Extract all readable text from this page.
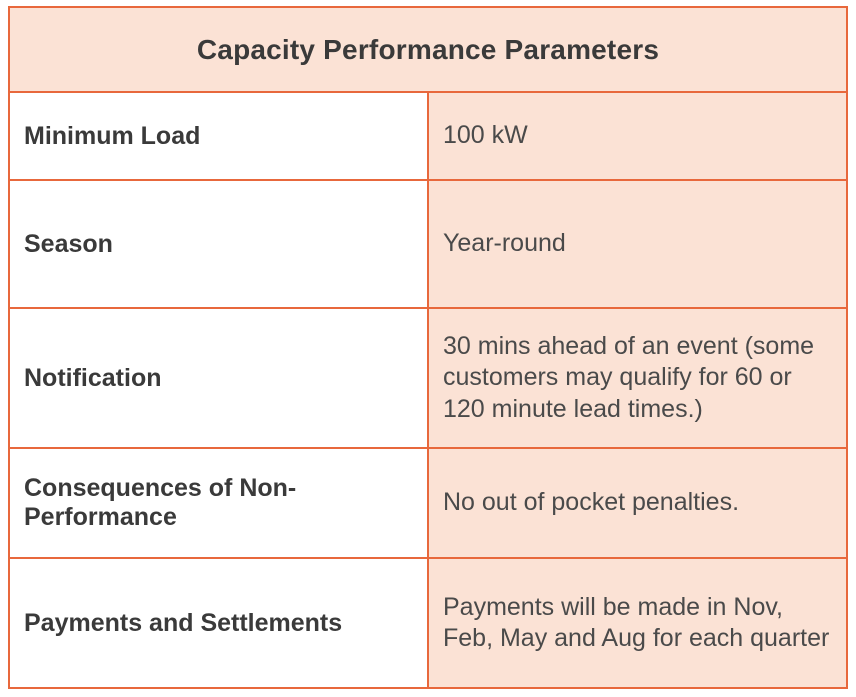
Capacity Performance Parameters	
Minimum Load	100 kW
Season	Year-round
Notification	30 mins ahead of an event (some customers may qualify for 60 or 120 minute lead times.)
Consequences of Non-Performance	No out of pocket penalties.
Payments and Settlements	Payments will be made in Nov, Feb, May and Aug for each quarter
